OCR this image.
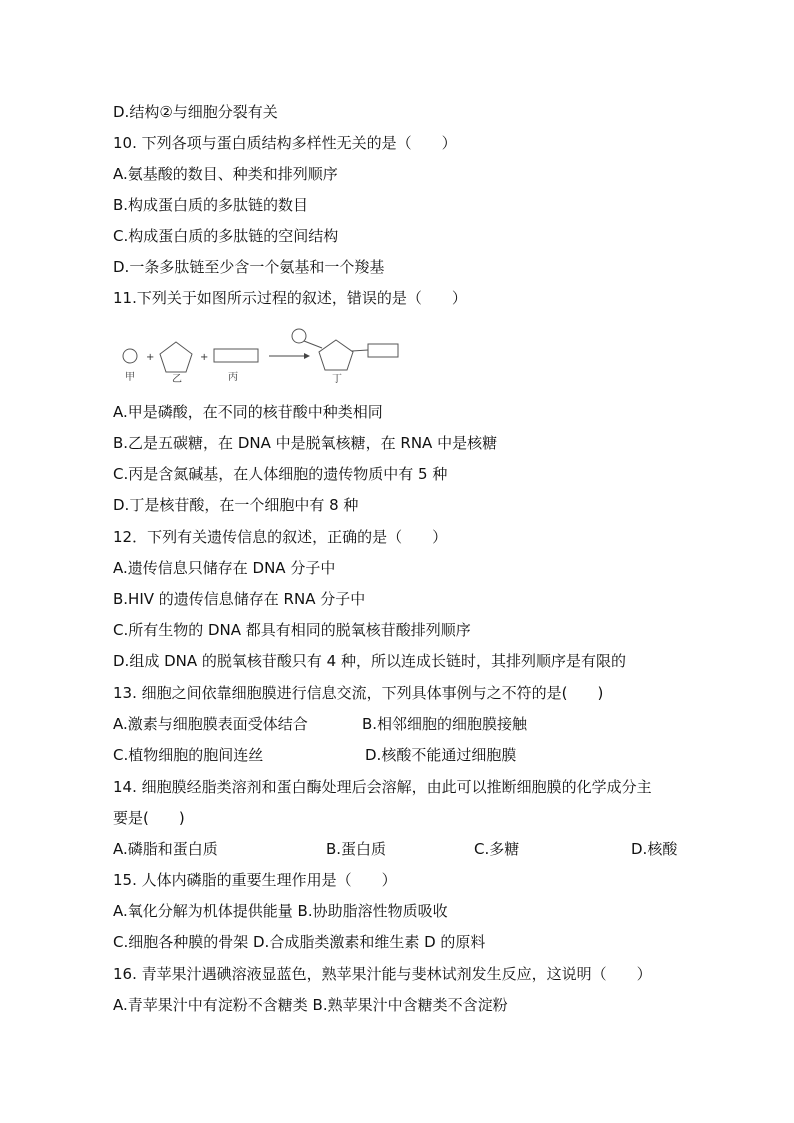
D.结构②与细胞分裂有关
10. 下列各项与蛋白质结构多样性无关的是（　　）
A.氨基酸的数目、种类和排列顺序
B.构成蛋白质的多肽链的数目
C.构成蛋白质的多肽链的空间结构
D.一条多肽链至少含一个氨基和一个羧基
11.下列关于如图所示过程的叙述，错误的是（　　）
甲
+
乙
+
丙	丁
A.甲是磷酸，在不同的核苷酸中种类相同
B.乙是五碳糖，在 DNA 中是脱氧核糖，在 RNA 中是核糖
C.丙是含氮碱基，在人体细胞的遗传物质中有 5 种
D.丁是核苷酸，在一个细胞中有 8 种
12．下列有关遗传信息的叙述，正确的是（　　）
A.遗传信息只储存在 DNA 分子中
B.HIV 的遗传信息储存在 RNA 分子中
C.所有生物的 DNA 都具有相同的脱氧核苷酸排列顺序
D.组成 DNA 的脱氧核苷酸只有 4 种，所以连成长链时，其排列顺序是有限的
13. 细胞之间依靠细胞膜进行信息交流，下列具体事例与之不符的是(　　)
A.激素与细胞膜表面受体结合	B.相邻细胞的细胞膜接触
C.植物细胞的胞间连丝	D.核酸不能通过细胞膜
14. 细胞膜经脂类溶剂和蛋白酶处理后会溶解，由此可以推断细胞膜的化学成分主
要是(　　)
A.磷脂和蛋白质	B.蛋白质	C.多糖	D.核酸
15. 人体内磷脂的重要生理作用是（　　）
A.氧化分解为机体提供能量 B.协助脂溶性物质吸收
C.细胞各种膜的骨架 D.合成脂类激素和维生素 D 的原料
16. 青苹果汁遇碘溶液显蓝色，熟苹果汁能与斐林试剂发生反应，这说明（　　）
A.青苹果汁中有淀粉不含糖类 B.熟苹果汁中含糖类不含淀粉
